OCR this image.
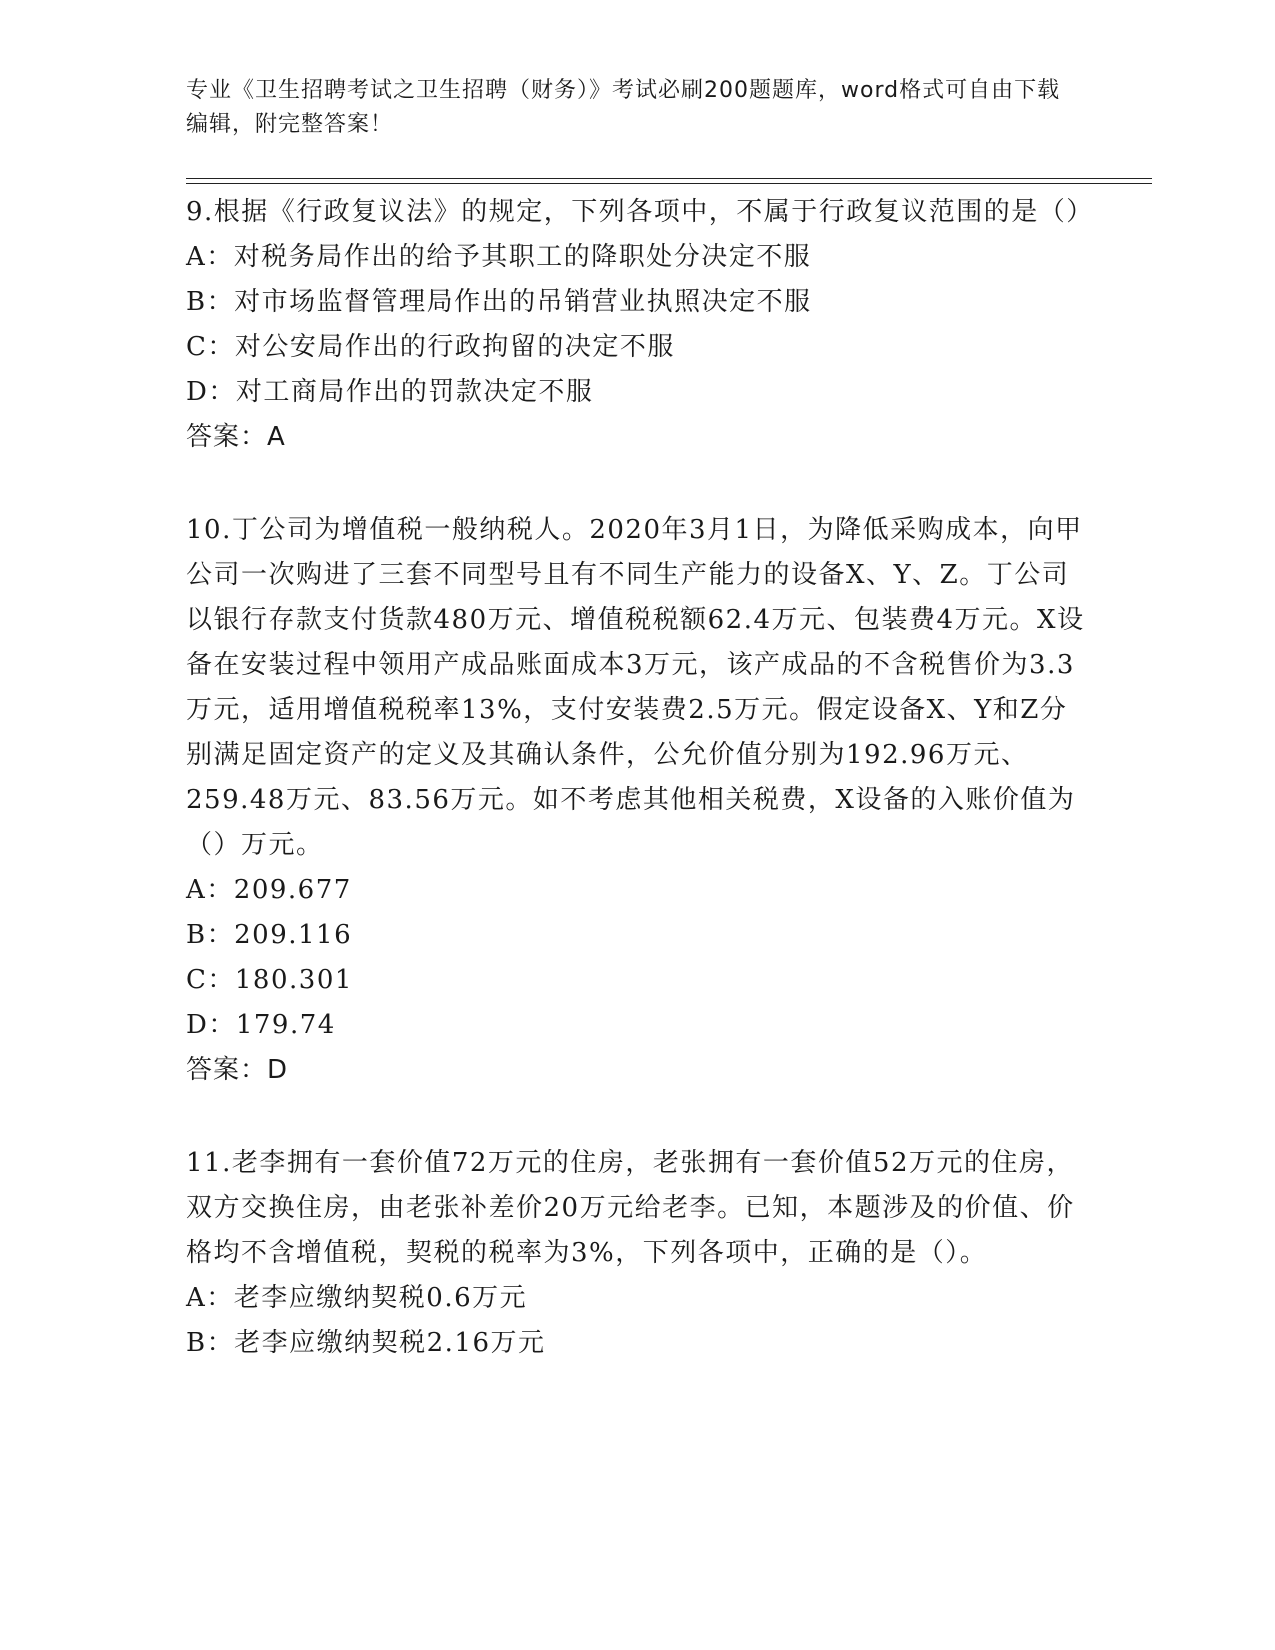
专业《卫生招聘考试之卫生招聘（财务）》考试必刷200题题库，word格式可自由下载编辑，附完整答案！

9.根据《行政复议法》的规定，下列各项中，不属于行政复议范围的是（）

A：对税务局作出的给予其职工的降职处分决定不服

B：对市场监督管理局作出的吊销营业执照决定不服

C：对公安局作出的行政拘留的决定不服

D：对工商局作出的罚款决定不服

答案：A

10.丁公司为增值税一般纳税人。2020年3月1日，为降低采购成本，向甲公司一次购进了三套不同型号且有不同生产能力的设备X、Y、Z。丁公司以银行存款支付货款480万元、增值税税额62.4万元、包装费4万元。X设备在安装过程中领用产成品账面成本3万元，该产成品的不含税售价为3.3万元，适用增值税税率13%，支付安装费2.5万元。假定设备X、Y和Z分别满足固定资产的定义及其确认条件，公允价值分别为192.96万元、259.48万元、83.56万元。如不考虑其他相关税费，X设备的入账价值为（）万元。

A：209.677

B：209.116

C：180.301

D：179.74

答案：D

11.老李拥有一套价值72万元的住房，老张拥有一套价值52万元的住房，双方交换住房，由老张补差价20万元给老李。已知，本题涉及的价值、价格均不含增值税，契税的税率为3%，下列各项中，正确的是（）。

A：老李应缴纳契税0.6万元

B：老李应缴纳契税2.16万元
